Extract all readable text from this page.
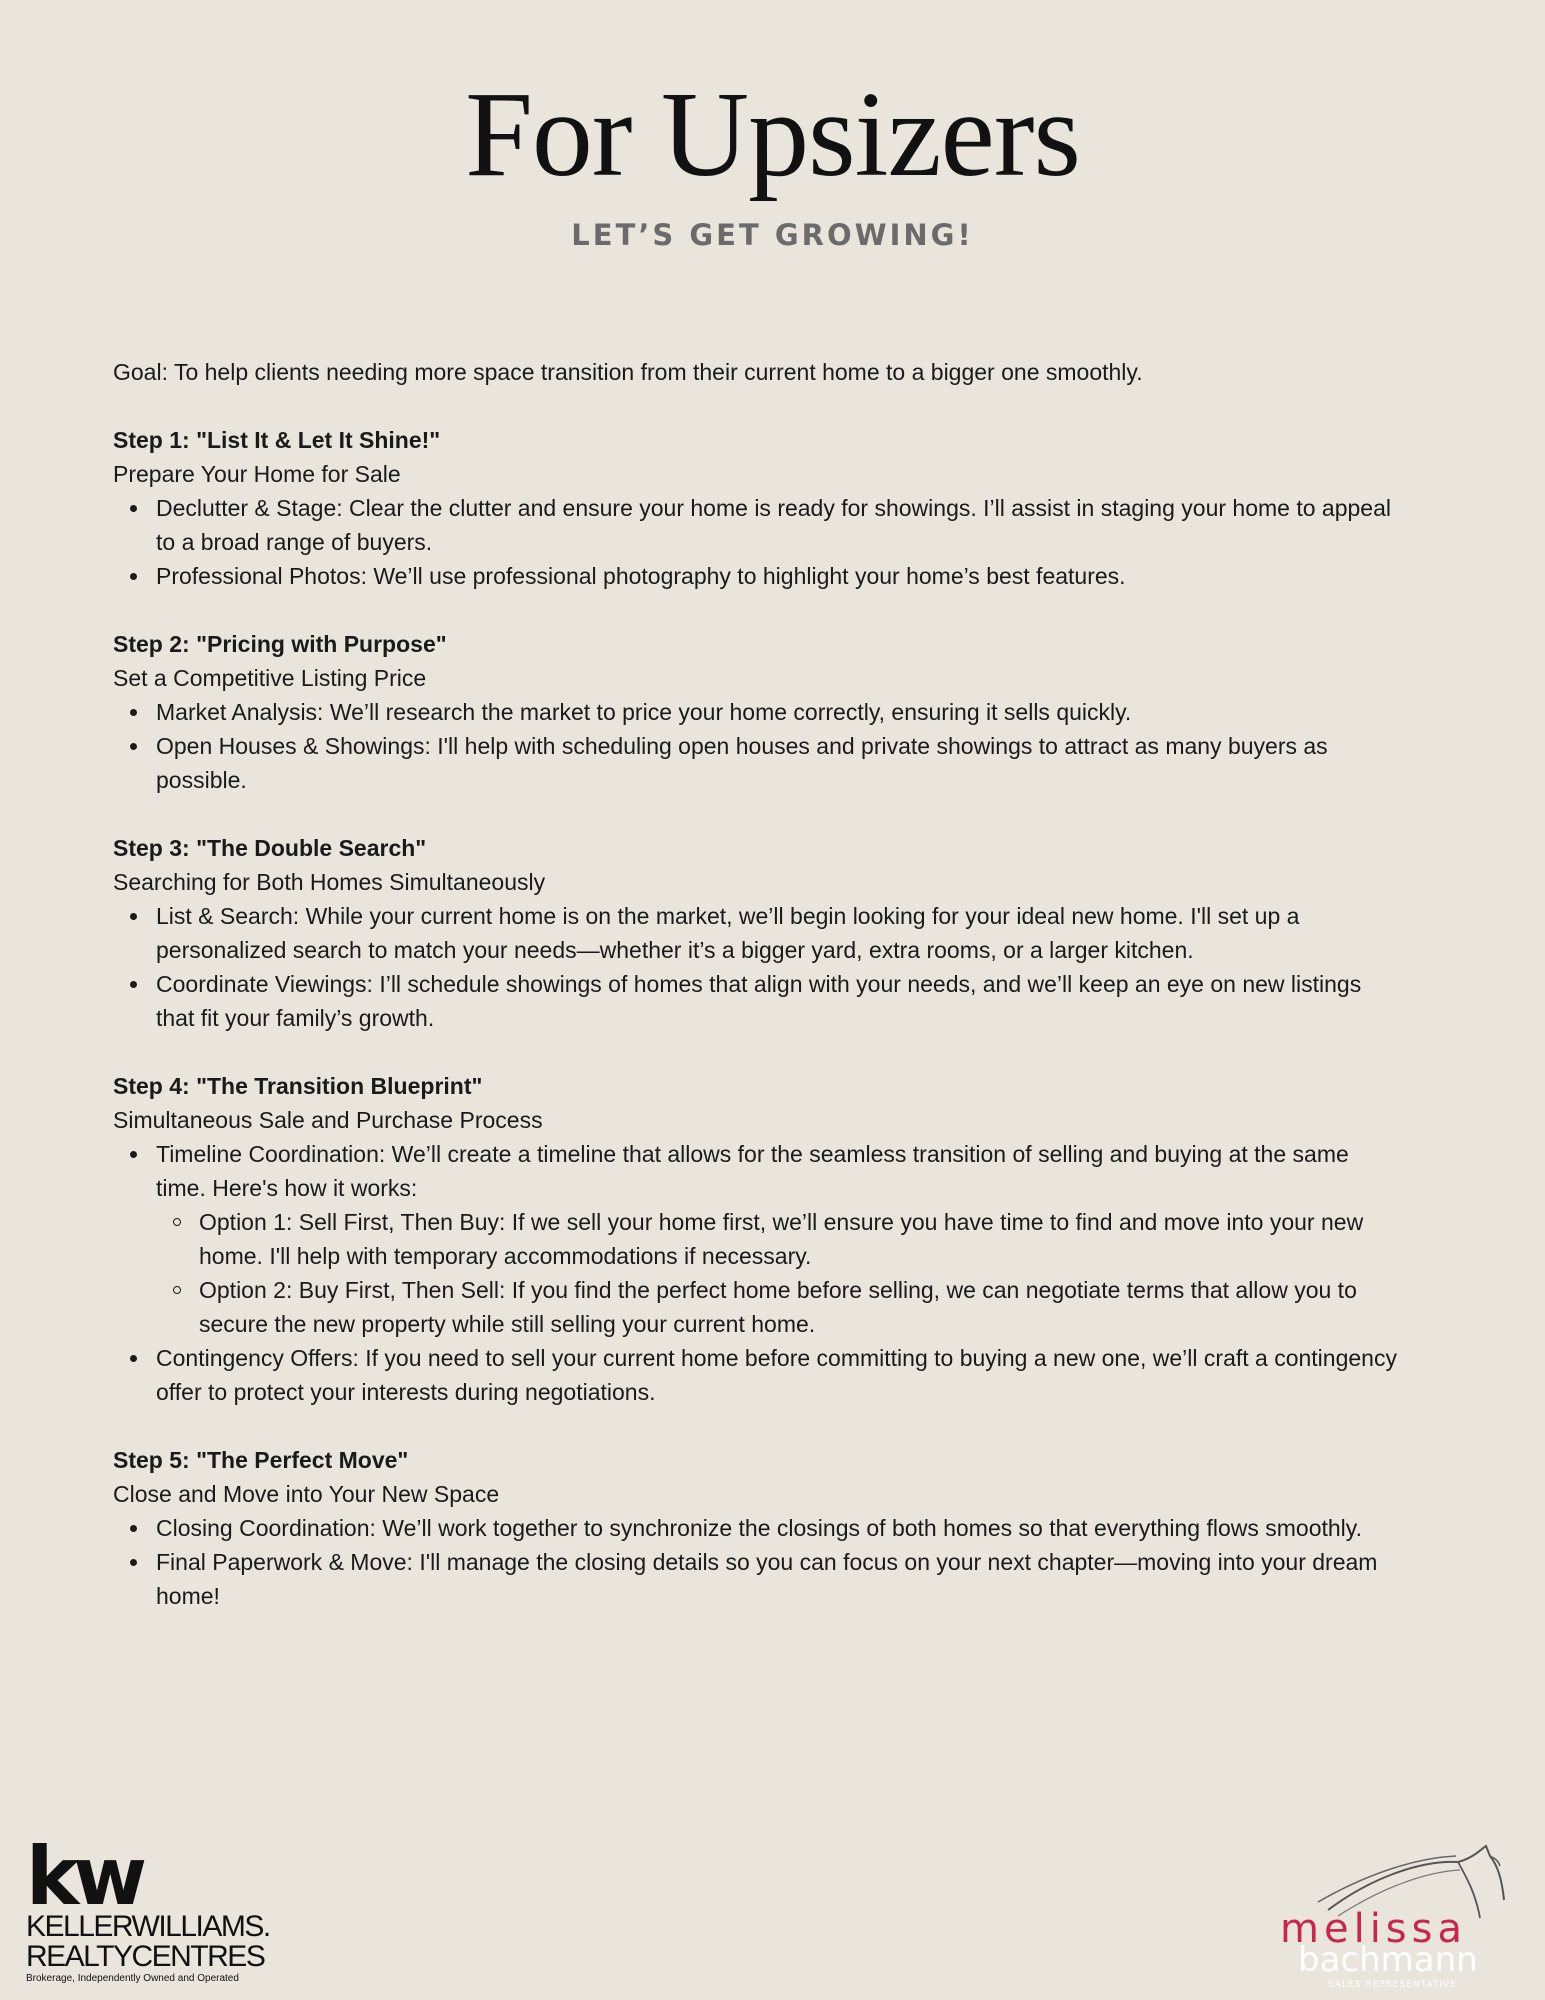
For Upsizers
LET’S GET GROWING!

Goal: To help clients needing more space transition from their current home to a bigger one smoothly.

Step 1: "List It & Let It Shine!"

Prepare Your Home for Sale

Declutter & Stage: Clear the clutter and ensure your home is ready for showings. I’ll assist in staging your home to appeal to a broad range of buyers.
Professional Photos: We’ll use professional photography to highlight your home’s best features.

Step 2: "Pricing with Purpose"

Set a Competitive Listing Price

Market Analysis: We’ll research the market to price your home correctly, ensuring it sells quickly.
Open Houses & Showings: I'll help with scheduling open houses and private showings to attract as many buyers as possible.

Step 3: "The Double Search"

Searching for Both Homes Simultaneously

List & Search: While your current home is on the market, we’ll begin looking for your ideal new home. I'll set up a personalized search to match your needs—whether it’s a bigger yard, extra rooms, or a larger kitchen.
Coordinate Viewings: I’ll schedule showings of homes that align with your needs, and we’ll keep an eye on new listings that fit your family’s growth.

Step 4: "The Transition Blueprint"

Simultaneous Sale and Purchase Process

Timeline Coordination: We’ll create a timeline that allows for the seamless transition of selling and buying at the same time. Here's how it works:
Option 1: Sell First, Then Buy: If we sell your home first, we’ll ensure you have time to find and move into your new home. I'll help with temporary accommodations if necessary.
Option 2: Buy First, Then Sell: If you find the perfect home before selling, we can negotiate terms that allow you to secure the new property while still selling your current home.
Contingency Offers: If you need to sell your current home before committing to buying a new one, we’ll craft a contingency offer to protect your interests during negotiations.

Step 5: "The Perfect Move"

Close and Move into Your New Space

Closing Coordination: We’ll work together to synchronize the closings of both homes so that everything flows smoothly.
Final Paperwork & Move: I'll manage the closing details so you can focus on your next chapter—moving into your dream home!

kw

KELLERWILLIAMS.

REALTYCENTRES

Brokerage, Independently Owned and Operated

melissa

bachmann

SALES REPRESENTATIVE
